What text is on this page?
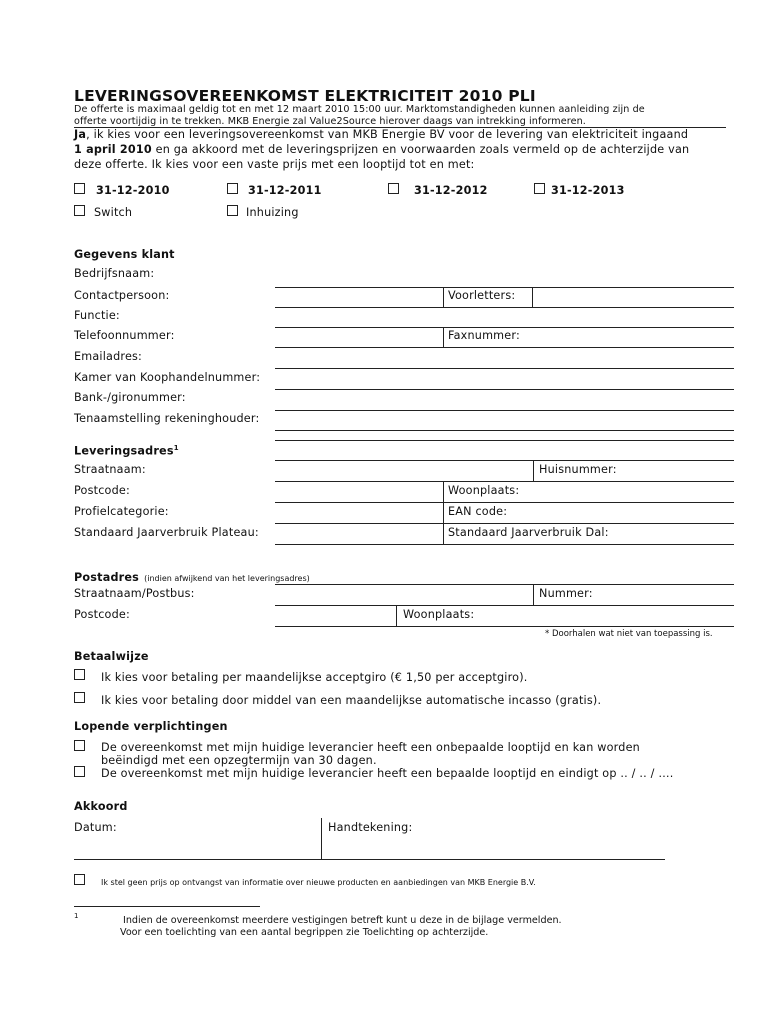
LEVERINGSOVEREENKOMST ELEKTRICITEIT 2010 PLI
De offerte is maximaal geldig tot en met 12 maart 2010 15:00 uur. Marktomstandigheden kunnen aanleiding zijn de
offerte voortijdig in te trekken. MKB Energie zal Value2Source hierover daags van intrekking informeren.
Ja, ik kies voor een leveringsovereenkomst van MKB Energie BV voor de levering van elektriciteit ingaand
1 april 2010 en ga akkoord met de leveringsprijzen en voorwaarden zoals vermeld op de achterzijde van
deze offerte. Ik kies voor een vaste prijs met een looptijd tot en met:
31-12-2010	31-12-2011	31-12-2012	31-12-2013
Switch	Inhuizing
Gegevens klant
Bedrijfsnaam:
Contactpersoon:	Voorletters:
Functie:
Telefoonnummer:	Faxnummer:
Emailadres:
Kamer van Koophandelnummer:
Bank-/gironummer:
Tenaamstelling rekeninghouder:
Leveringsadres$^1$
Straatnaam:	Huisnummer:
Postcode:	Woonplaats:
Profielcategorie:	EAN code:
Standaard Jaarverbruik Plateau:	Standaard Jaarverbruik Dal:
Postadres (indien afwijkend van het leveringsadres)
Straatnaam/Postbus:	Nummer:
Postcode:	Woonplaats:
* Doorhalen wat niet van toepassing is.
Betaalwijze
Ik kies voor betaling per maandelijkse acceptgiro (€ 1,50 per acceptgiro).
Ik kies voor betaling door middel van een maandelijkse automatische incasso (gratis).
Lopende verplichtingen
De overeenkomst met mijn huidige leverancier heeft een onbepaalde looptijd en kan worden
beëindigd met een opzegtermijn van 30 dagen.
De overeenkomst met mijn huidige leverancier heeft een bepaalde looptijd en eindigt op .. / .. / ….
Akkoord
Datum:	Handtekening:
Ik stel geen prijs op ontvangst van informatie over nieuwe producten en aanbiedingen van MKB Energie B.V.
1	Indien de overeenkomst meerdere vestigingen betreft kunt u deze in de bijlage vermelden.
Voor een toelichting van een aantal begrippen zie Toelichting op achterzijde.
